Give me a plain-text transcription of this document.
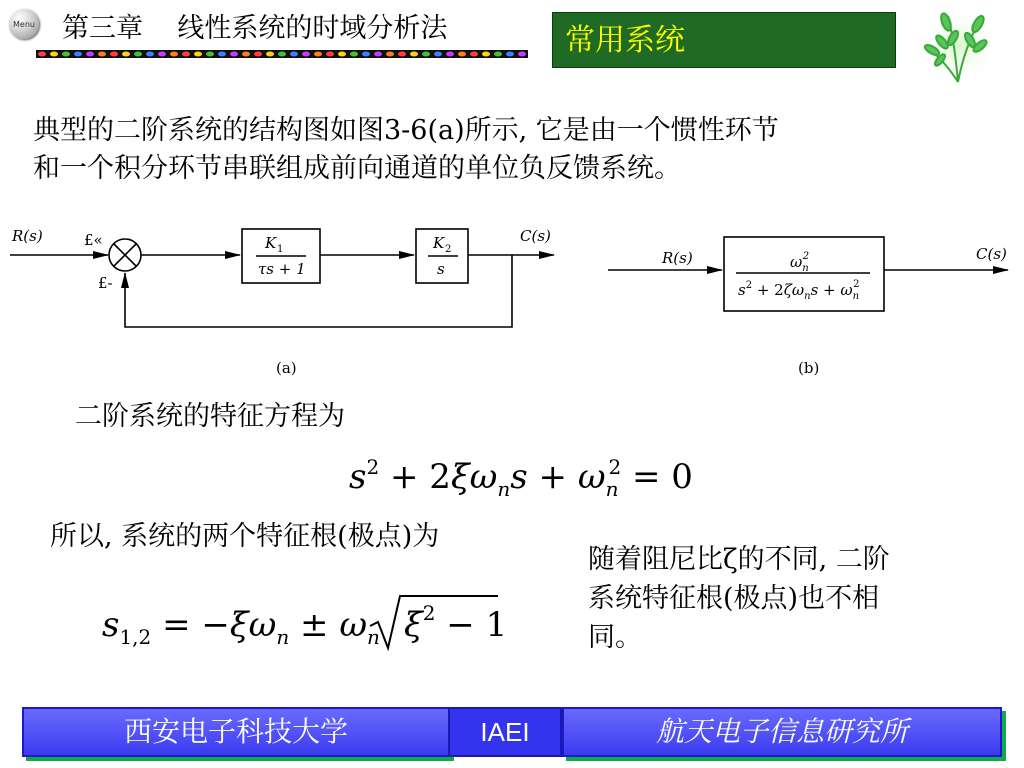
Menu 第三章    线性系统的时域分析法	常用系统
典型的二阶系统的结构图如图3-6(a)所示, 它是由一个惯性环节
和一个积分环节串联组成前向通道的单位负反馈系统。
R(s)	£«
£-
K 1
τs + 1
K 2
s
C(s)
(a)
R(s)	C(s)
$\omega_n2$
$s^2 + 2\zeta\omega_ns + \omega_n2$
(b)
二阶系统的特征方程为
$s^2 + 2\xi\omega_ns + \omega_n2 = 0$
所以, 系统的两个特征根(极点)为
$s_{1,2} = -\xi\omega_n \pm \omega_n$ $\xi^2 - 1$
随着阻尼比ζ的不同, 二阶
系统特征根(极点)也不相
同。
西安电子科技大学	IAEI	航天电子信息研究所
